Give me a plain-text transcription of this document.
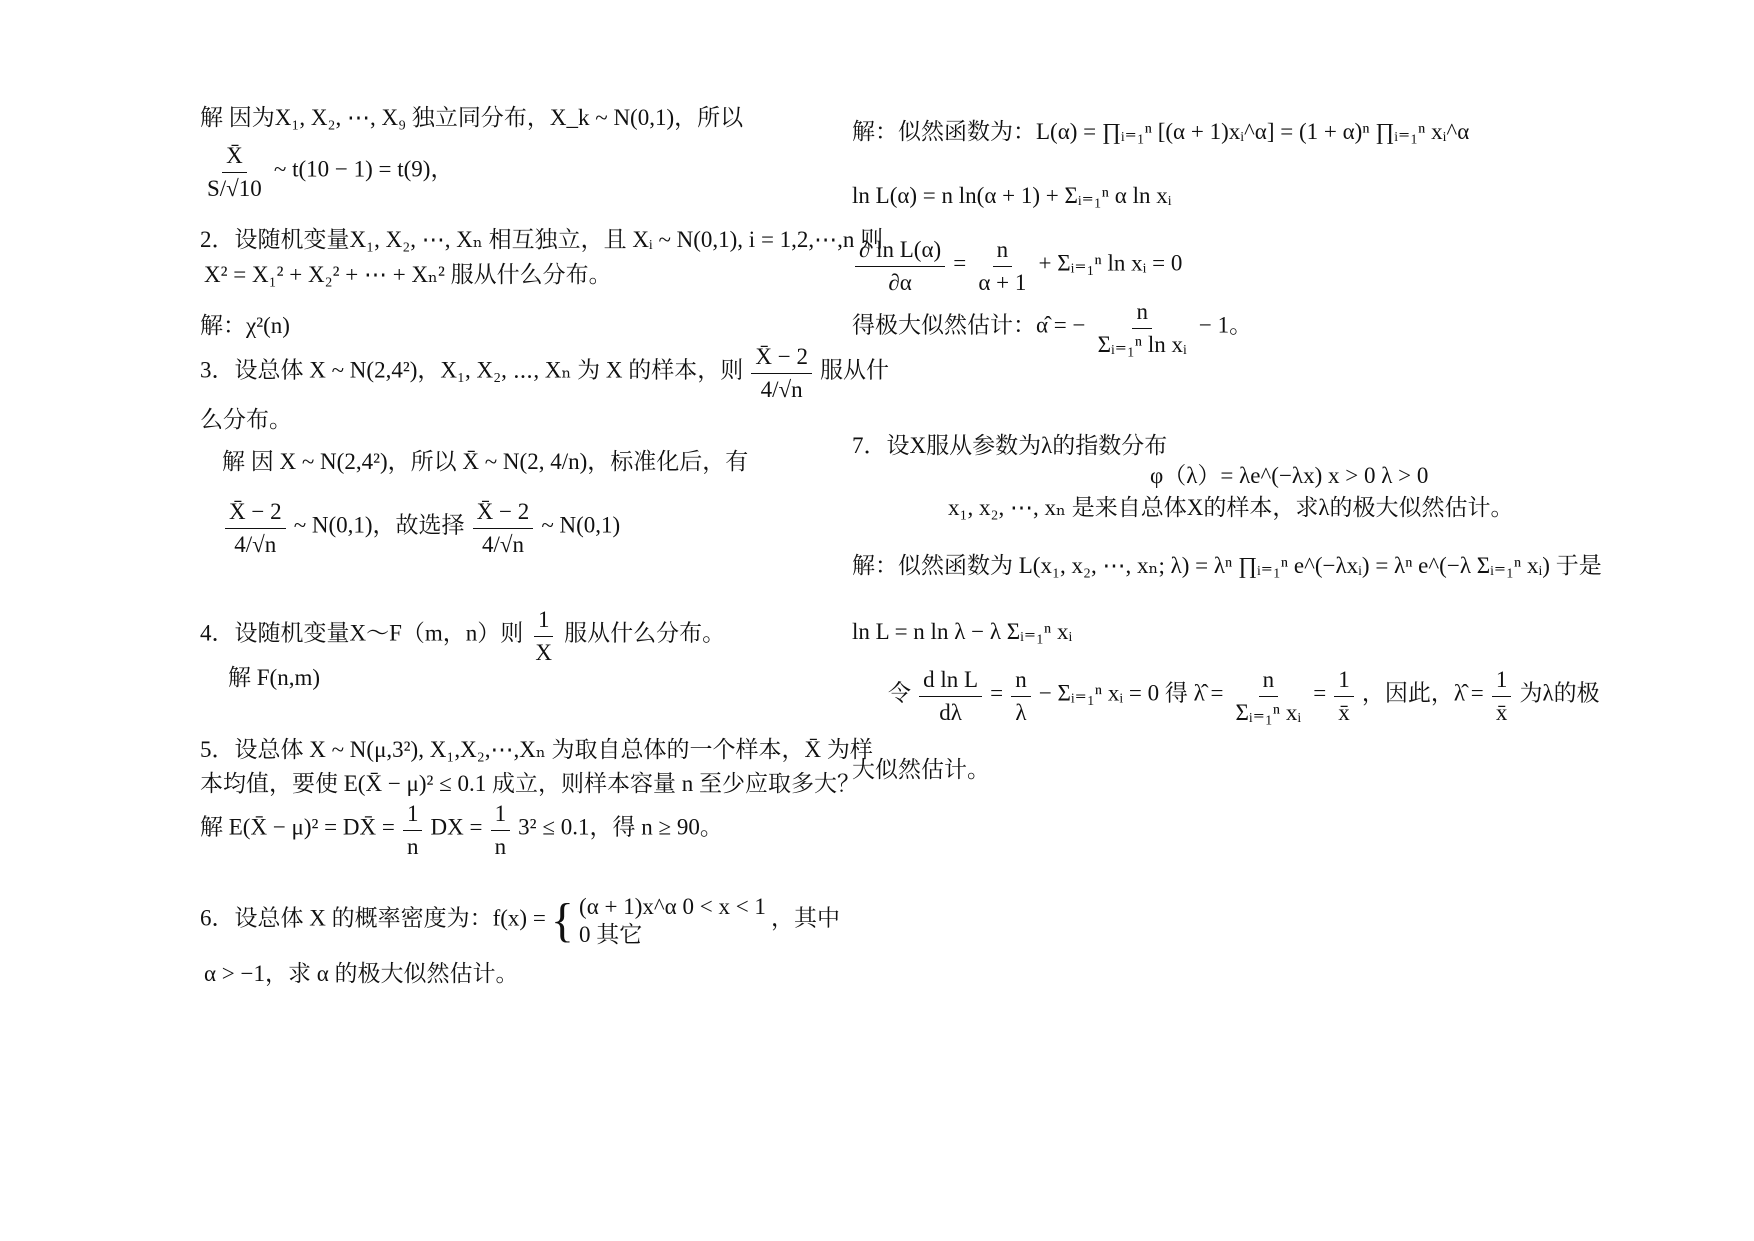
解 因为X₁, X₂, ⋯, X₉ 独立同分布，X_k ~ N(0,1)，所以
$\frac{X̄}{S/√10}$ ~ t(10 − 1) = t(9)，
2．设随机变量X₁, X₂, ⋯, Xₙ 相互独立，且 Xᵢ ~ N(0,1), i = 1,2,⋯,n 则
X² = X₁² + X₂² + ⋯ + Xₙ² 服从什么分布。
解：χ²(n)
3．设总体 X ~ N(2,4²)，X₁, X₂, ⋯, Xₙ 为 X 的样本，则 $\frac{X̄ - 2}{4/√n}$ 服从什
么分布。
解 因 X ~ N(2,4²)，所以 X̄ ~ N(2, 4/n)，标准化后，有
$\frac{X̄ - 2}{4/√n}$ ~ N(0,1)，故选择 $\frac{X̄ - 2}{4/√n}$ ~ N(0,1)
4．设随机变量X～F（m，n）则 $\frac{1}{X}$ 服从什么分布。
解 F(n,m)
5．设总体 X ~ N(μ,3²), X₁,X₂,⋯,Xₙ 为取自总体的一个样本，X̄ 为样
本均值，要使 E(X̄ − μ)² ≤ 0.1 成立，则样本容量 n 至少应取多大？
解 E(X̄ − μ)² = DX̄ = $\frac{1}{n}$ DX = $\frac{1}{n} 3^2 \le 0.1$，得 n ≥ 90。
6．设总体 X 的概率密度为：f(x) = { (α + 1)x^α 0 < x < 1
0 其它
，其中
α > −1，求 α 的极大似然估计。
解：似然函数为：L(α) = ∏ᵢ₌₁ⁿ [(α + 1)xᵢ^α] = (1 + α)ⁿ ∏ᵢ₌₁ⁿ xᵢ^α
ln L(α) = n ln(α + 1) + Σᵢ₌₁ⁿ α ln xᵢ
$\frac{\text{∂ ln L(α)}}{\partial\alpha} = \frac{n}{\alpha + 1}$ + Σᵢ₌₁ⁿ ln xᵢ = 0
得极大似然估计：α̂ = − $\frac{n}{\text{Σᵢ₌₁ⁿ ln xᵢ}} - 1$。
7．设X服从参数为λ的指数分布
φ（λ）= λe^(−λx) x > 0 λ > 0
x₁, x₂, ⋯, xₙ 是来自总体X的样本，求λ的极大似然估计。
解：似然函数为 L(x₁, x₂, ⋯, xₙ; λ) = λⁿ ∏ᵢ₌₁ⁿ e^(−λxᵢ) = λⁿ e^(−λ Σᵢ₌₁ⁿ xᵢ) 于是
ln L = n ln λ − λ Σᵢ₌₁ⁿ xᵢ
令 $\frac{\text{d ln L}}{d\lambda} = \frac{n}{\lambda}$ − Σᵢ₌₁ⁿ xᵢ = 0 得 λ̂ = $\frac{n}{\text{Σᵢ₌₁ⁿ xᵢ}} = \frac{1}{x̄}$ ，因此，λ̂ = $\frac{1}{x̄}$ 为λ的极
大似然估计。
